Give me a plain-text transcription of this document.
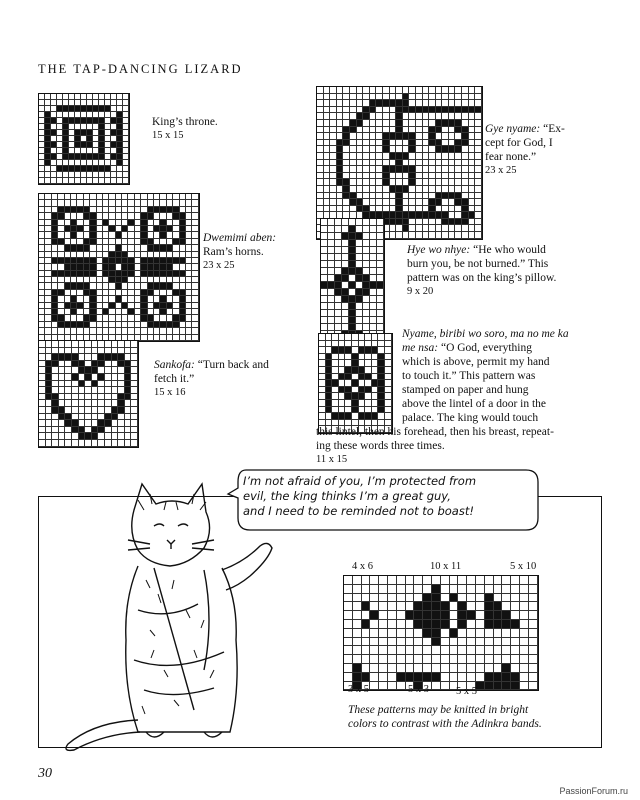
THE TAP-DANCING LIZARD
King’s throne.
15 x 15
Dwemimi aben:
Ram’s horns.
23 x 25
Sankofa: “Turn back and
fetch it.”
15 x 16
Gye nyame: “Ex-
cept for God, I
fear none.”
23 x 25
Hye wo nhye: “He who would
burn you, be not burned.” This
pattern was on the king’s pillow.
9 x 20
Nyame, biribi wo soro, ma no me ka
me nsa: “O God, everything
which is above, permit my hand
to touch it.” This pattern was
stamped on paper and hung
above the lintel of a door in the
palace. The king would touch
this lintel, then his forehead, then his breast, repeat-
ing these words three times.
11 x 15
I’m not afraid of you, I’m protected from
evil, the king thinks I’m a great guy,
and I need to be reminded not to boast!
4 x 6	10 x 11	5 x 10
3 x 5	5 x 3	5 x 5
These patterns may be knitted in bright
colors to contrast with the Adinkra bands.
30
PassionForum.ru
